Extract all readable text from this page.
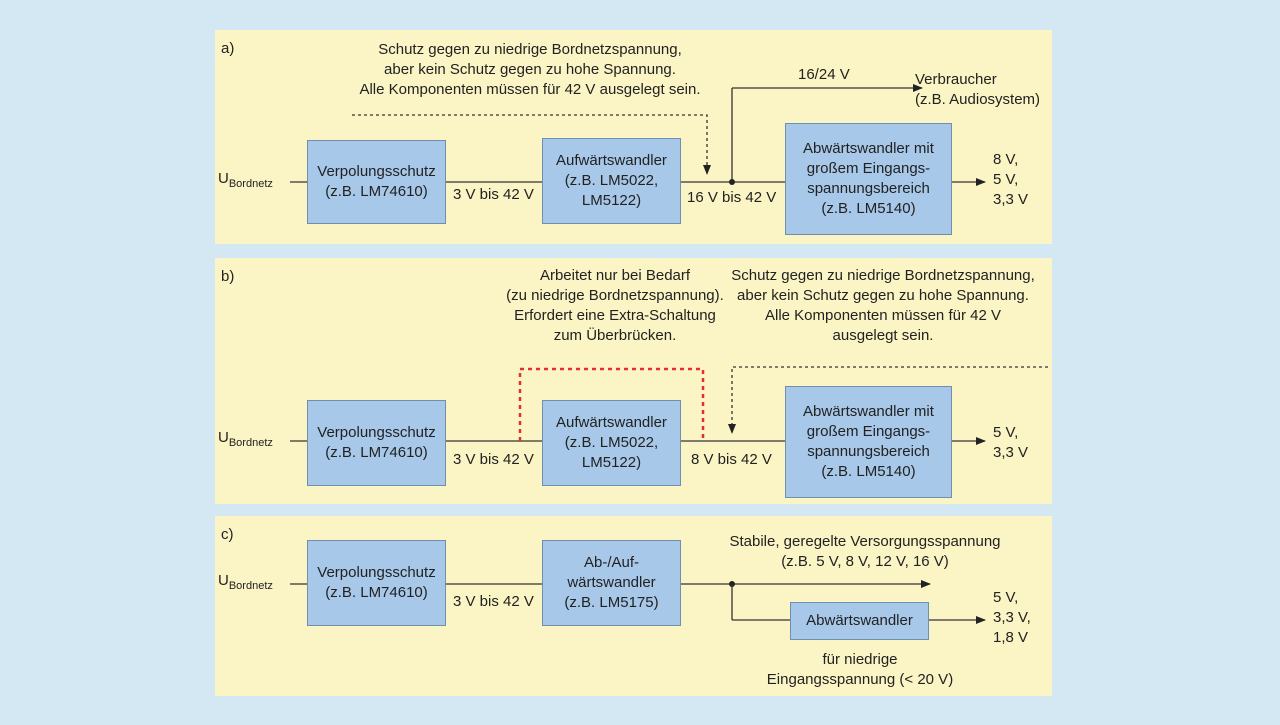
a)	Schutz gegen zu niedrige Bordnetzspannung,
aber kein Schutz gegen zu hohe Spannung.
Alle Komponenten müssen für 42 V ausgelegt sein.
$U_{Bordnetz}$
Verpolungsschutz
(z.B. LM74610)	3 V bis 42 V
Aufwärtswandler
(z.B. LM5022,
LM5122)	16 V bis 42 V
16/24 V	Verbraucher
(z.B. Audiosystem)
Abwärtswandler mit
großem Eingangs-
spannungsbereich
(z.B. LM5140)
8 V,
5 V,
3,3 V
b)	Arbeitet nur bei Bedarf
(zu niedrige Bordnetzspannung).
Erfordert eine Extra-Schaltung
zum Überbrücken.
Schutz gegen zu niedrige Bordnetzspannung,
aber kein Schutz gegen zu hohe Spannung.
Alle Komponenten müssen für 42 V
ausgelegt sein.
$U_{Bordnetz}$
Verpolungsschutz
(z.B. LM74610)	3 V bis 42 V
Aufwärtswandler
(z.B. LM5022,
LM5122)	8 V bis 42 V
Abwärtswandler mit
großem Eingangs-
spannungsbereich
(z.B. LM5140)
5 V,
3,3 V
c)
$U_{Bordnetz}$
Verpolungsschutz
(z.B. LM74610)
3 V bis 42 V
Ab-/Auf-
wärtswandler
(z.B. LM5175)
Stabile, geregelte Versorgungsspannung
(z.B. 5 V, 8 V, 12 V, 16 V)
Abwärtswandler
für niedrige
Eingangsspannung (< 20 V)
5 V,
3,3 V,
1,8 V
